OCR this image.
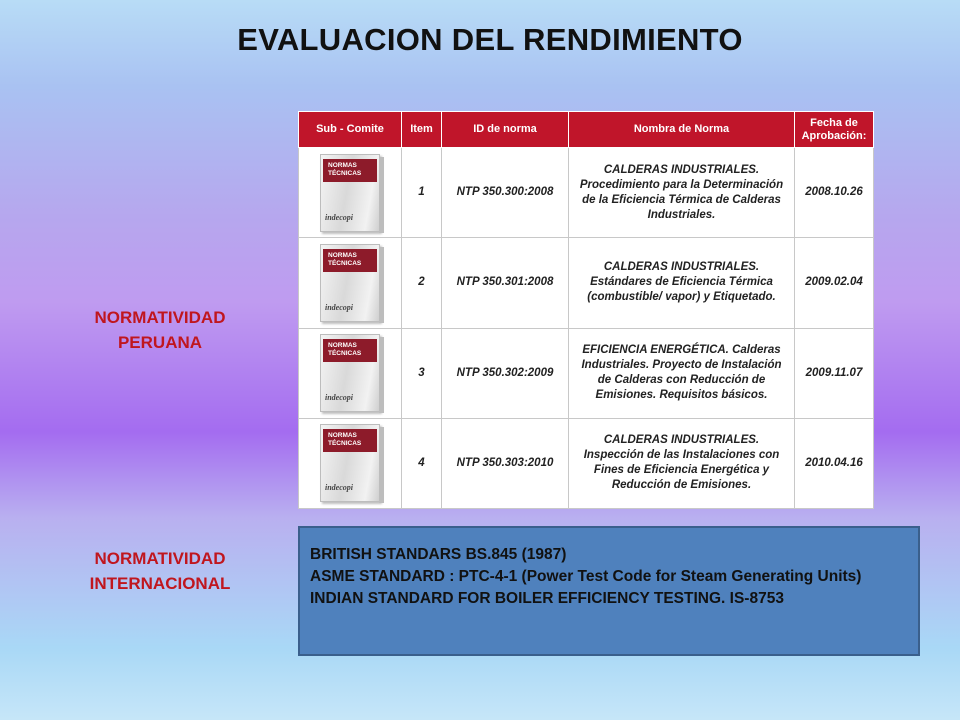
EVALUACION DEL RENDIMIENTO
NORMATIVIDAD
PERUANA
NORMATIVIDAD
INTERNACIONAL
Sub - Comite	Item	ID de norma	Nombra de Norma	Fecha de Aprobación:

NORMAS TÉCNICAS
indecopi	1	NTP 350.300:2008	CALDERAS INDUSTRIALES. Procedimiento para la Determinación de la Eficiencia Térmica de Calderas Industriales.	2008.10.26

NORMAS TÉCNICAS
indecopi	2	NTP 350.301:2008	CALDERAS INDUSTRIALES. Estándares de Eficiencia Térmica (combustible/ vapor) y Etiquetado.	2009.02.04

NORMAS TÉCNICAS
indecopi	3	NTP 350.302:2009	EFICIENCIA ENERGÉTICA. Calderas Industriales. Proyecto de Instalación de Calderas con Reducción de Emisiones. Requisitos básicos.	2009.11.07

NORMAS TÉCNICAS
indecopi	4	NTP 350.303:2010	CALDERAS INDUSTRIALES. Inspección de las Instalaciones con Fines de Eficiencia Energética y Reducción de Emisiones.	2010.04.16

BRITISH STANDARS BS.845 (1987)

ASME STANDARD : PTC-4-1 (Power Test Code for Steam Generating Units)

INDIAN STANDARD FOR BOILER EFFICIENCY TESTING. IS-8753
